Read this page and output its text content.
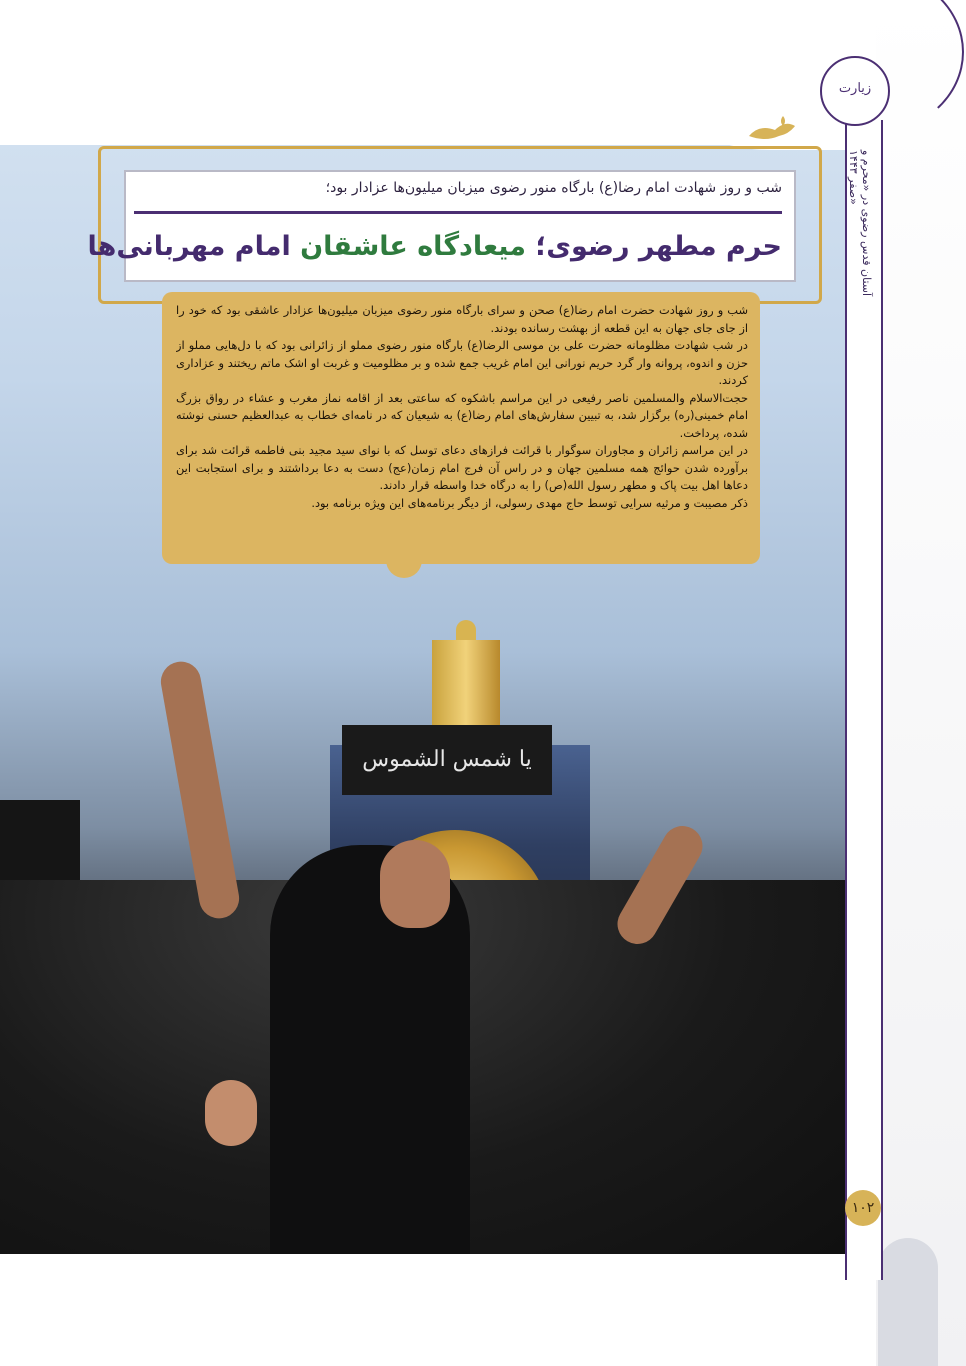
یا شمس الشموس
آستان قدس رضوی در «محرم و صفر ۱۴۴۳»
زیارت
۱۰۲
شب و روز شهادت امام رضا(ع) بارگاه منور رضوی میزبان میلیون‌ها عزادار بود؛
حرم مطهر رضوی؛ میعادگاه عاشقان امام مهربانی‌ها

شب و روز شهادت حضرت امام رضا(ع) صحن و سرای بارگاه منور رضوی میزبان میلیون‌ها عزادار عاشقی بود که خود را از جای جای جهان به این قطعه از بهشت رسانده بودند.

در شب شهادت مظلومانه حضرت علی بن موسی الرضا(ع) بارگاه منور رضوی مملو از زائرانی بود که با دل‌هایی مملو از حزن و اندوه، پروانه وار گرد حریم نورانی این امام غریب جمع شده و بر مظلومیت و غربت او اشک ماتم ریختند و عزاداری کردند.

حجت‌الاسلام والمسلمین ناصر رفیعی در این مراسم باشکوه که ساعتی بعد از اقامه نماز مغرب و عشاء در رواق بزرگ امام خمینی(ره) برگزار شد، به تبیین سفارش‌های امام رضا(ع) به شیعیان که در نامه‌ای خطاب به عبدالعظیم حسنی نوشته شده، پرداخت.

در این مراسم زائران و مجاوران سوگوار با قرائت فرازهای دعای توسل که با نوای سید مجید بنی فاطمه قرائت شد برای برآورده شدن حوائج همه مسلمین جهان و در راس آن فرج امام زمان(عج) دست به دعا برداشتند و برای استجابت این دعاها اهل بیت پاک و مطهر رسول الله(ص) را به درگاه خدا واسطه قرار دادند.

ذکر مصیبت و مرثیه سرایی توسط حاج مهدی رسولی، از دیگر برنامه‌های این ویژه برنامه بود.
